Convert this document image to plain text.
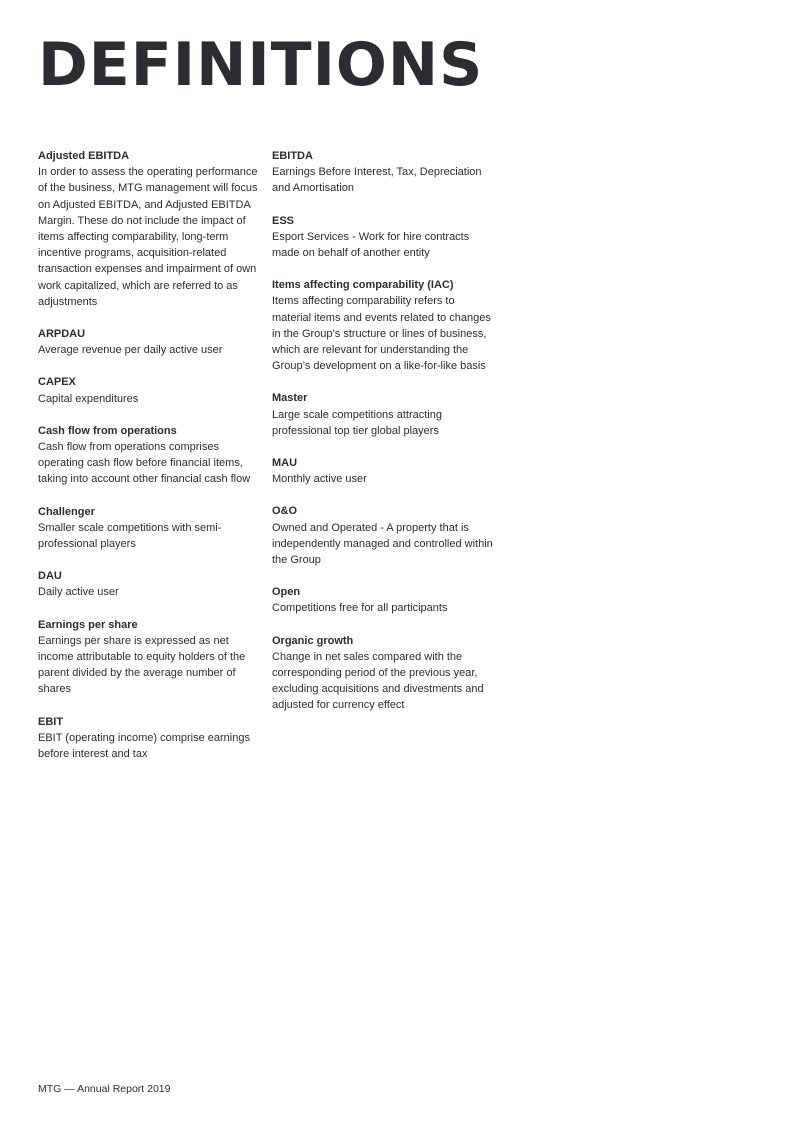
DEFINITIONS
Adjusted EBITDA

In order to assess the operating performance of the business, MTG management will focus on Adjusted EBITDA, and Adjusted EBITDA Margin. These do not include the impact of items affecting comparability, long-term incentive programs, acquisition-related transaction expenses and impairment of own work capitalized, which are referred to as adjustments

ARPDAU

Average revenue per daily active user

CAPEX

Capital expenditures

Cash flow from operations

Cash flow from operations comprises operating cash flow before financial items, taking into account other financial cash flow

Challenger

Smaller scale competitions with semi-professional players

DAU

Daily active user

Earnings per share

Earnings per share is expressed as net income attributable to equity holders of the parent divided by the average number of shares

EBIT

EBIT (operating income) comprise earnings before interest and tax

EBITDA

Earnings Before Interest, Tax, Depreciation and Amortisation

ESS

Esport Services - Work for hire contracts made on behalf of another entity

Items affecting comparability (IAC)

Items affecting comparability refers to material items and events related to changes in the Group’s structure or lines of business, which are relevant for understanding the Group’s development on a like-for-like basis

Master

Large scale competitions attracting professional top tier global players

MAU

Monthly active user

O&O

Owned and Operated - A property that is independently managed and controlled within the Group

Open

Competitions free for all participants

Organic growth

Change in net sales compared with the corresponding period of the previous year, excluding acquisitions and divestments and adjusted for currency effect

MTG — Annual Report 2019
